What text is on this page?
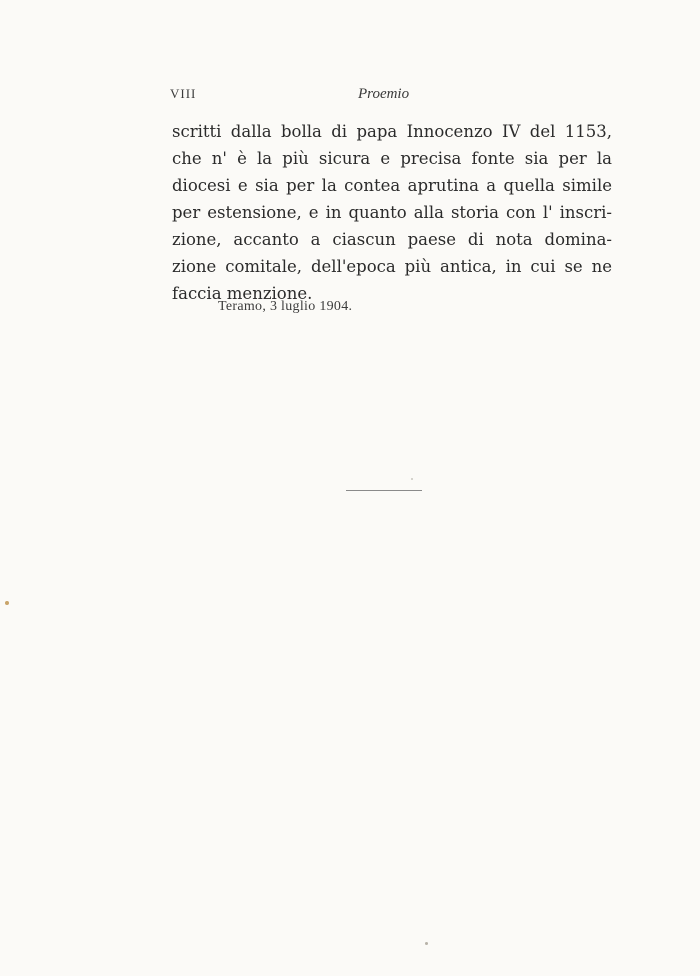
VIII	Proemio
scritti dalla bolla di papa Innocenzo IV del 1153,
che n' è la più sicura e precisa fonte sia per la
diocesi e sia per la contea aprutina a quella simile
per estensione, e in quanto alla storia con l' inscri-
zione, accanto a ciascun paese di nota domina-
zione comitale, dell'epoca più antica, in cui se ne
faccia menzione.
Teramo, 3 luglio 1904.
